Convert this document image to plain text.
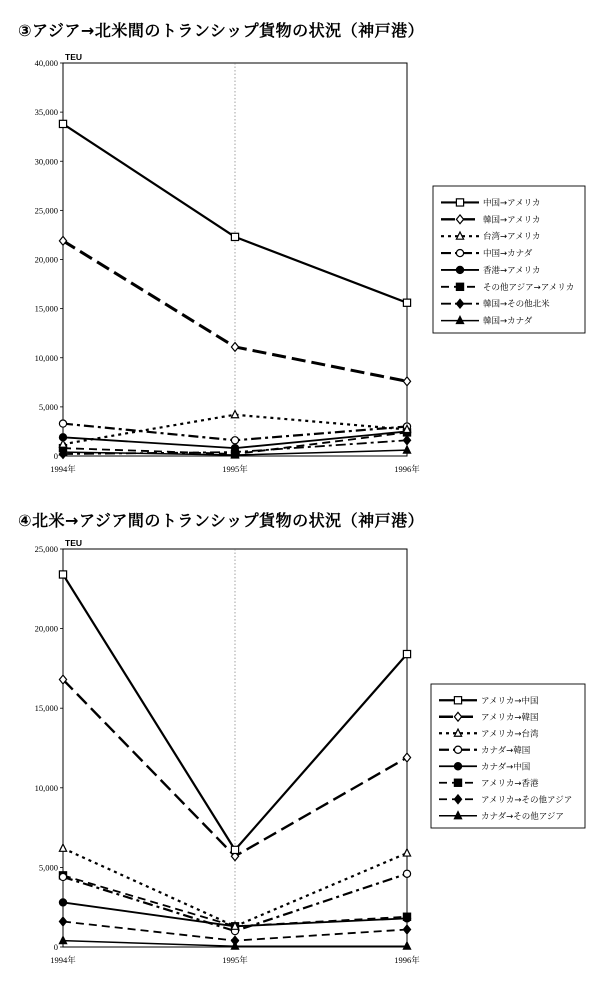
③アジア→北米間のトランシップ貨物の状況（神戸港）
④北米→アジア間のトランシップ貨物の状況（神戸港）
0
5,000
10,000
15,000
20,000
25,000
30,000
35,000
40,000
TEU
1994年	1995年	1996年
中国→アメリカ
韓国→アメリカ
台湾→アメリカ
中国→カナダ
香港→アメリカ
その他アジア→アメリカ
韓国→その他北米
韓国→カナダ
0
5,000
10,000
15,000
20,000
25,000
TEU
1994年	1995年	1996年
アメリカ→中国
アメリカ→韓国
アメリカ→台湾
カナダ→韓国
カナダ→中国
アメリカ→香港
アメリカ→その他アジア
カナダ→その他アジア
